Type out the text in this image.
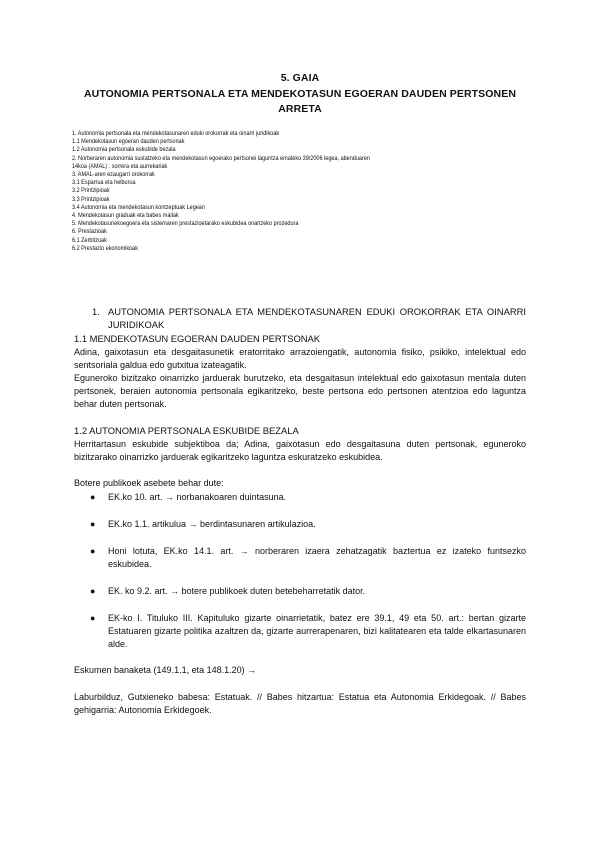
5. GAIA
AUTONOMIA PERTSONALA ETA MENDEKOTASUN EGOERAN DAUDEN PERTSONEN
ARRETA
1. Autonomia pertsonala eta mendekotasunaren eduki orokorrak eta oinarri juridikoak
1.1 Mendekotasun egoeran dauden pertsonak
1.2 Autonomia pertsonala eskubide bezala
2. Norberaren autonomia sustatzeko eta mendekotasun egoerako pertsonei laguntza emateko 39/2006 legea, abenduaren
14koa (AMAL) : sorrera eta aurrekariak
3. AMAL-aren ezaugarri orokorrak
3.1 Esparrua eta helburua
3.2 Printzipioak
3.3 Printzipioak
3.4 Autonomia eta mendekotasun kontzeptuak Legean
4. Mendekotasun graduak eta babes mailak
5. Mendekotasunekoegoera eta sistemaren prestazioetarako eskubidea onartzeko prozedura
6. Prestazioak
6.1 Zerbitzuak
6.2 Prestazio ekonomikoak
1. AUTONOMIA PERTSONALA ETA MENDEKOTASUNAREN EDUKI OROKORRAK ETA OINARRI JURIDIKOAK
1.1 MENDEKOTASUN EGOERAN DAUDEN PERTSONAK
Adina, gaixotasun eta desgaitasunetik eratorritako arrazoiengatik, autonomia fisiko, psikiko, intelektual edo sentsoriala galdua edo gutxitua izateagatik.
Eguneroko bizitzako oinarrizko jarduerak burutzeko, eta desgaitasun intelektual edo gaixotasun mentala duten pertsonek, beraien autonomia pertsonala egikaritzeko, beste pertsona edo pertsonen atentzioa edo laguntza behar duten pertsonak.
1.2 AUTONOMIA PERTSONALA ESKUBIDE BEZALA
Herritartasun eskubide subjektiboa da; Adina, gaixotasun edo desgaitasuna duten pertsonak, eguneroko bizitzarako oinarrizko jarduerak egikaritzeko laguntza eskuratzeko eskubidea.
Botere publikoek asebete behar dute:
●	EK.ko 10. art. → norbanakoaren duintasuna.
●	EK.ko 1.1. artikulua → berdintasunaren artikulazioa.
●	Honi lotuta, EK.ko 14.1. art. → norberaren izaera zehatzagatik baztertua ez izateko funtsezko eskubidea.
●	EK. ko 9.2. art. → botere publikoek duten betebeharretatik dator.
●	EK-ko I. Tituluko III. Kapituluko gizarte oinarrietatik, batez ere 39.1, 49 eta 50. art.: bertan gizarte Estatuaren gizarte politika azaltzen da, gizarte aurrerapenaren, bizi kalitatearen eta talde elkartasunaren alde.
Eskumen banaketa (149.1.1, eta 148.1.20) →
Laburbilduz, Gutxieneko babesa: Estatuak. // Babes hitzartua: Estatua eta Autonomia Erkidegoak. // Babes gehigarria: Autonomia Erkidegoek.
